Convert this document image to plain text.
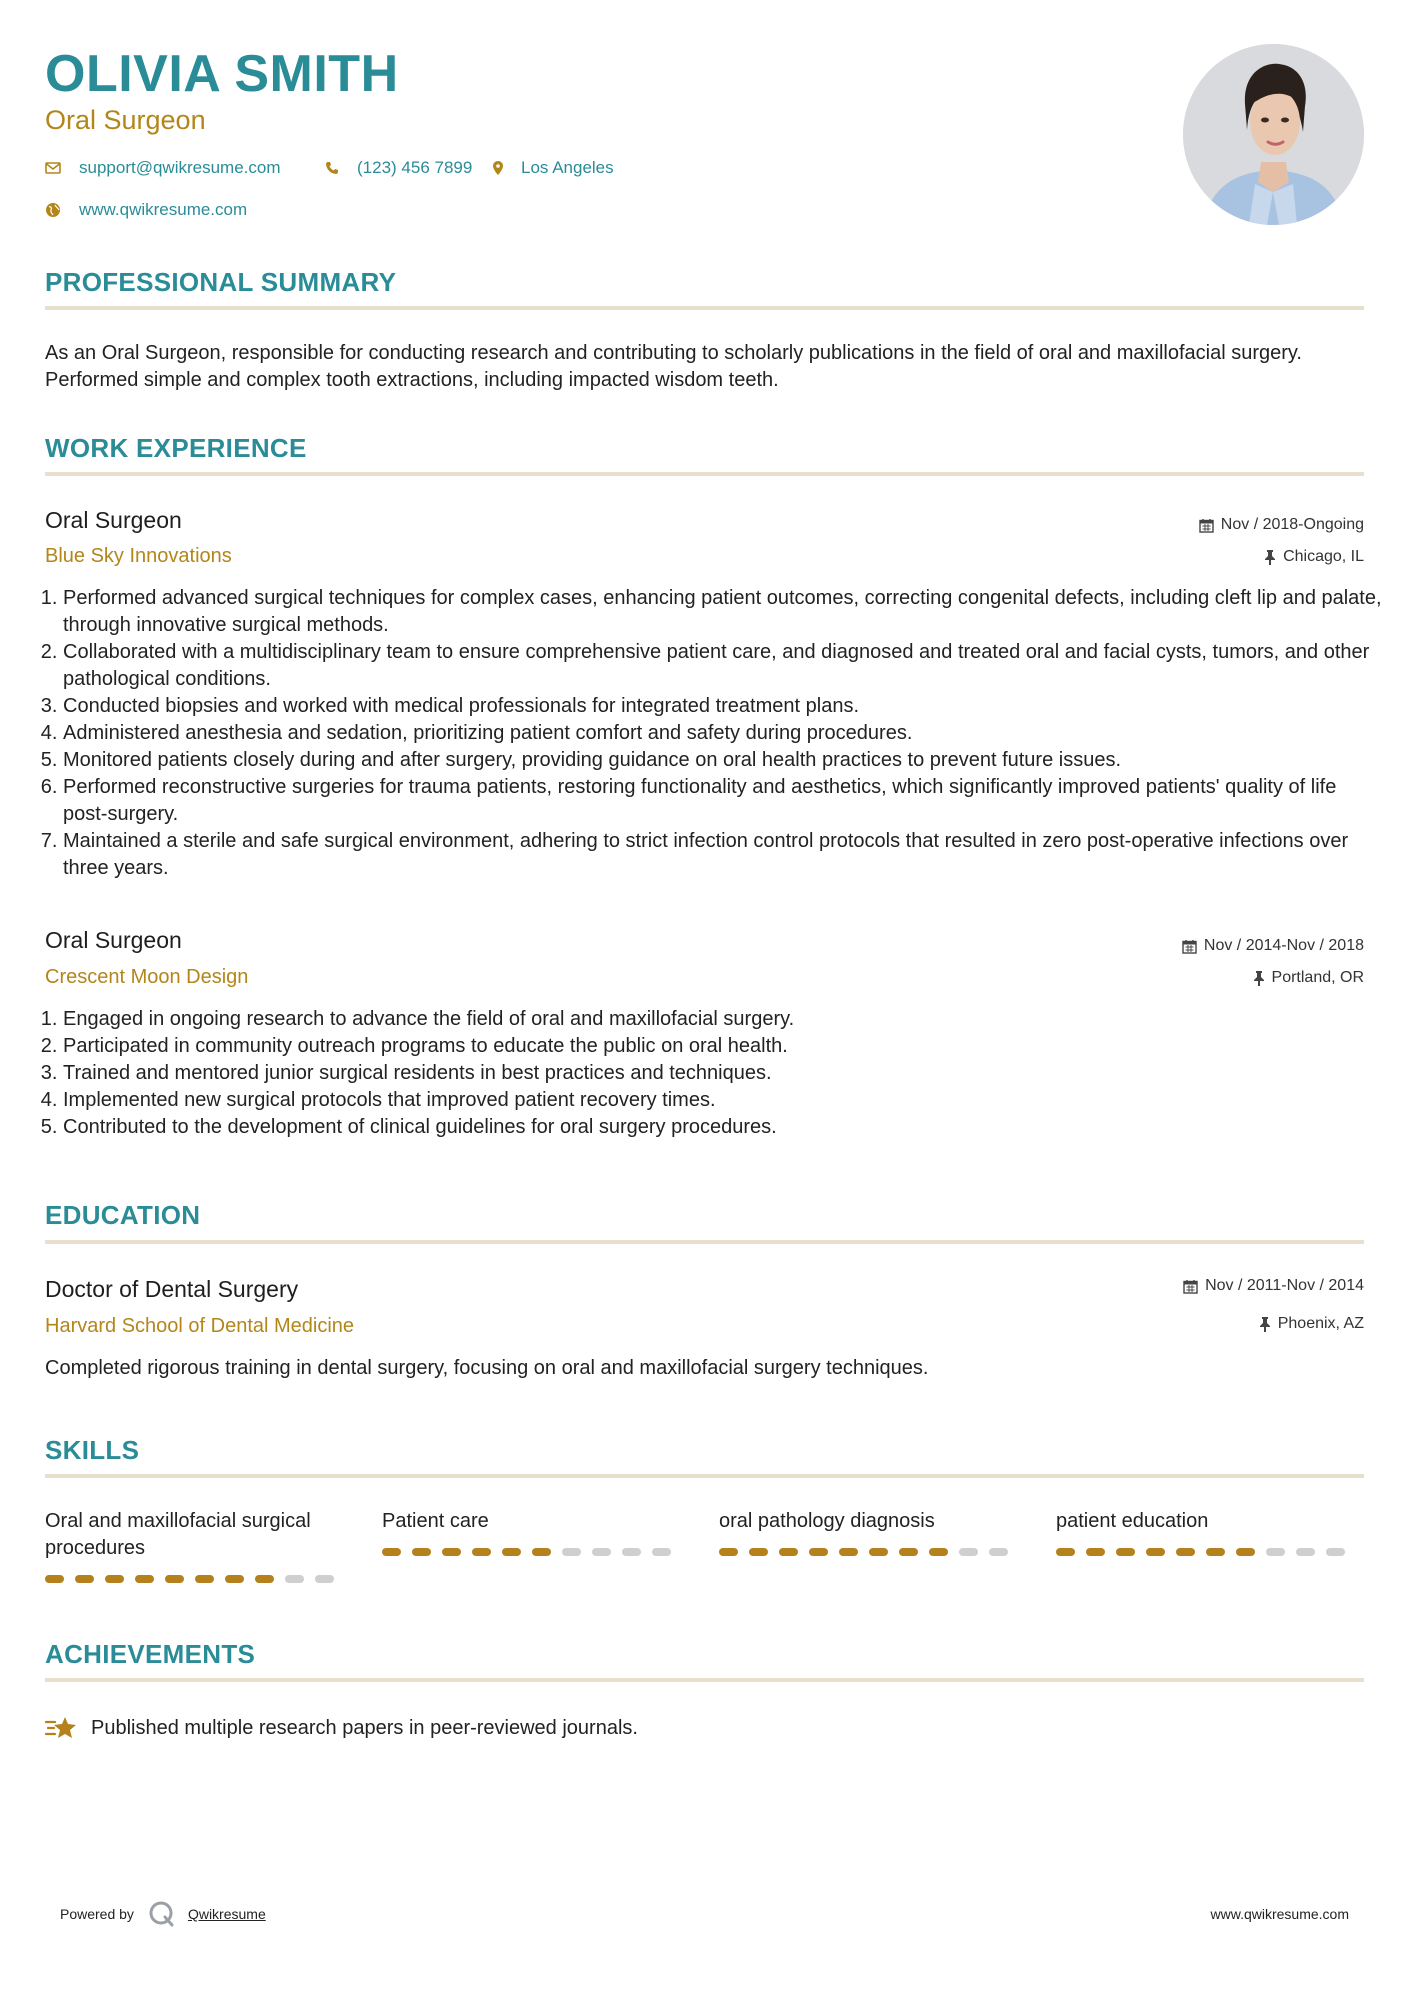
OLIVIA SMITH
Oral Surgeon
support@qwikresume.com	(123) 456 7899	Los Angeles
www.qwikresume.com
PROFESSIONAL SUMMARY
As an Oral Surgeon, responsible for conducting research and contributing to scholarly publications in the field of oral and maxillofacial surgery. Performed simple and complex tooth extractions, including impacted wisdom teeth.
WORK EXPERIENCE
Oral Surgeon
Blue Sky Innovations
Nov / 2018-Ongoing
Chicago, IL
1. Performed advanced surgical techniques for complex cases, enhancing patient outcomes, correcting congenital defects, including cleft lip and palate, through innovative surgical methods.
2. Collaborated with a multidisciplinary team to ensure comprehensive patient care, and diagnosed and treated oral and facial cysts, tumors, and other pathological conditions.
3. Conducted biopsies and worked with medical professionals for integrated treatment plans.
4. Administered anesthesia and sedation, prioritizing patient comfort and safety during procedures.
5. Monitored patients closely during and after surgery, providing guidance on oral health practices to prevent future issues.
6. Performed reconstructive surgeries for trauma patients, restoring functionality and aesthetics, which significantly improved patients' quality of life post-surgery.
7. Maintained a sterile and safe surgical environment, adhering to strict infection control protocols that resulted in zero post-operative infections over three years.
Oral Surgeon
Crescent Moon Design
Nov / 2014-Nov / 2018
Portland, OR
1. Engaged in ongoing research to advance the field of oral and maxillofacial surgery.
2. Participated in community outreach programs to educate the public on oral health.
3. Trained and mentored junior surgical residents in best practices and techniques.
4. Implemented new surgical protocols that improved patient recovery times.
5. Contributed to the development of clinical guidelines for oral surgery procedures.
EDUCATION
Doctor of Dental Surgery
Harvard School of Dental Medicine
Nov / 2011-Nov / 2014
Phoenix, AZ
Completed rigorous training in dental surgery, focusing on oral and maxillofacial surgery techniques.
SKILLS
Oral and maxillofacial surgical procedures
Patient care	oral pathology diagnosis	patient education
ACHIEVEMENTS
Published multiple research papers in peer-reviewed journals.
Powered by	Qwikresume	www.qwikresume.com
